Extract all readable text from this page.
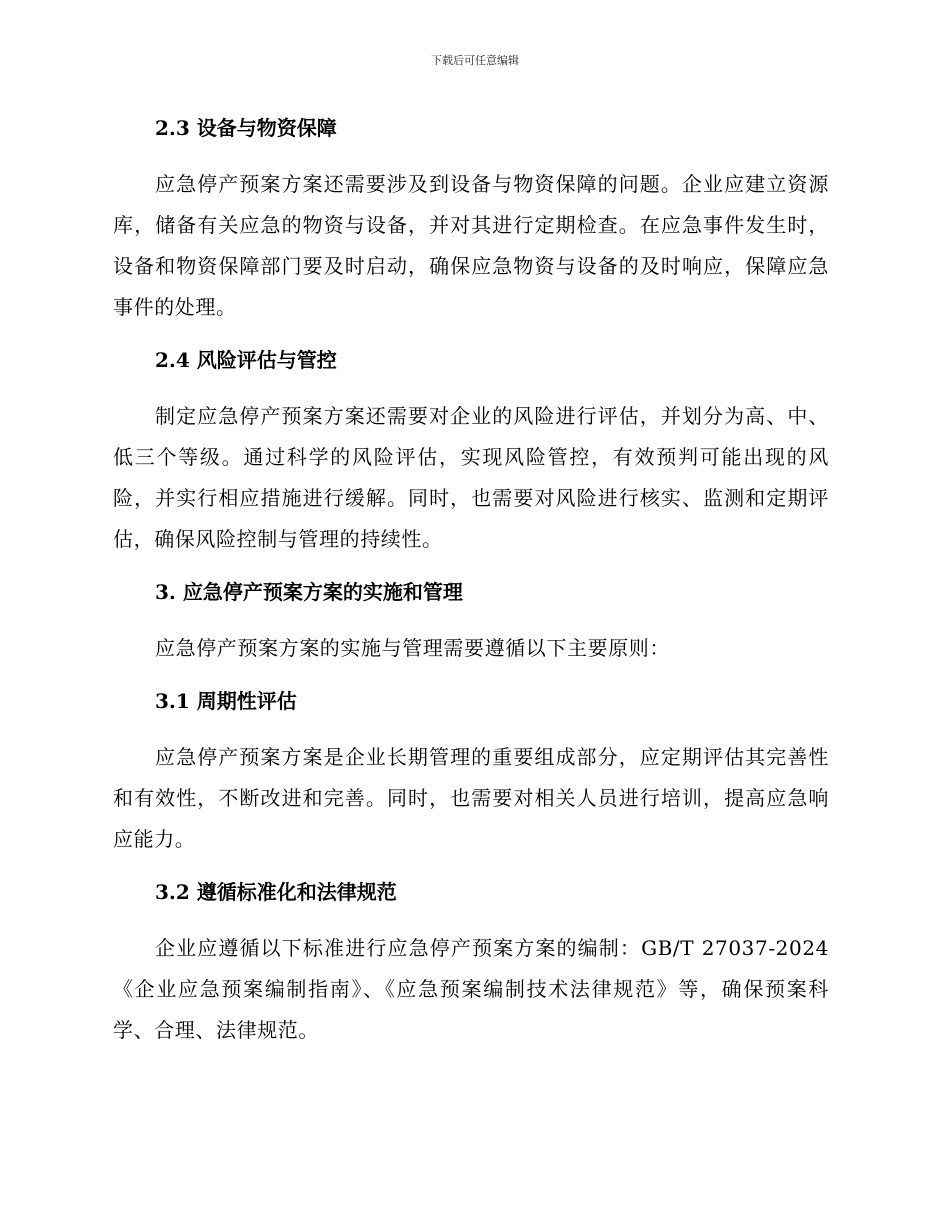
下载后可任意编辑
2.3 设备与物资保障

应急停产预案方案还需要涉及到设备与物资保障的问题。企业应建立资源库，储备有关应急的物资与设备，并对其进行定期检查。在应急事件发生时，设备和物资保障部门要及时启动，确保应急物资与设备的及时响应，保障应急事件的处理。

2.4 风险评估与管控

制定应急停产预案方案还需要对企业的风险进行评估，并划分为高、中、低三个等级。通过科学的风险评估，实现风险管控，有效预判可能出现的风险，并实行相应措施进行缓解。同时，也需要对风险进行核实、监测和定期评估，确保风险控制与管理的持续性。

3. 应急停产预案方案的实施和管理

应急停产预案方案的实施与管理需要遵循以下主要原则：

3.1 周期性评估

应急停产预案方案是企业长期管理的重要组成部分，应定期评估其完善性和有效性，不断改进和完善。同时，也需要对相关人员进行培训，提高应急响应能力。

3.2 遵循标准化和法律规范

企业应遵循以下标准进行应急停产预案方案的编制：GB/T 27037-2024《企业应急预案编制指南》、《应急预案编制技术法律规范》等，确保预案科学、合理、法律规范。
